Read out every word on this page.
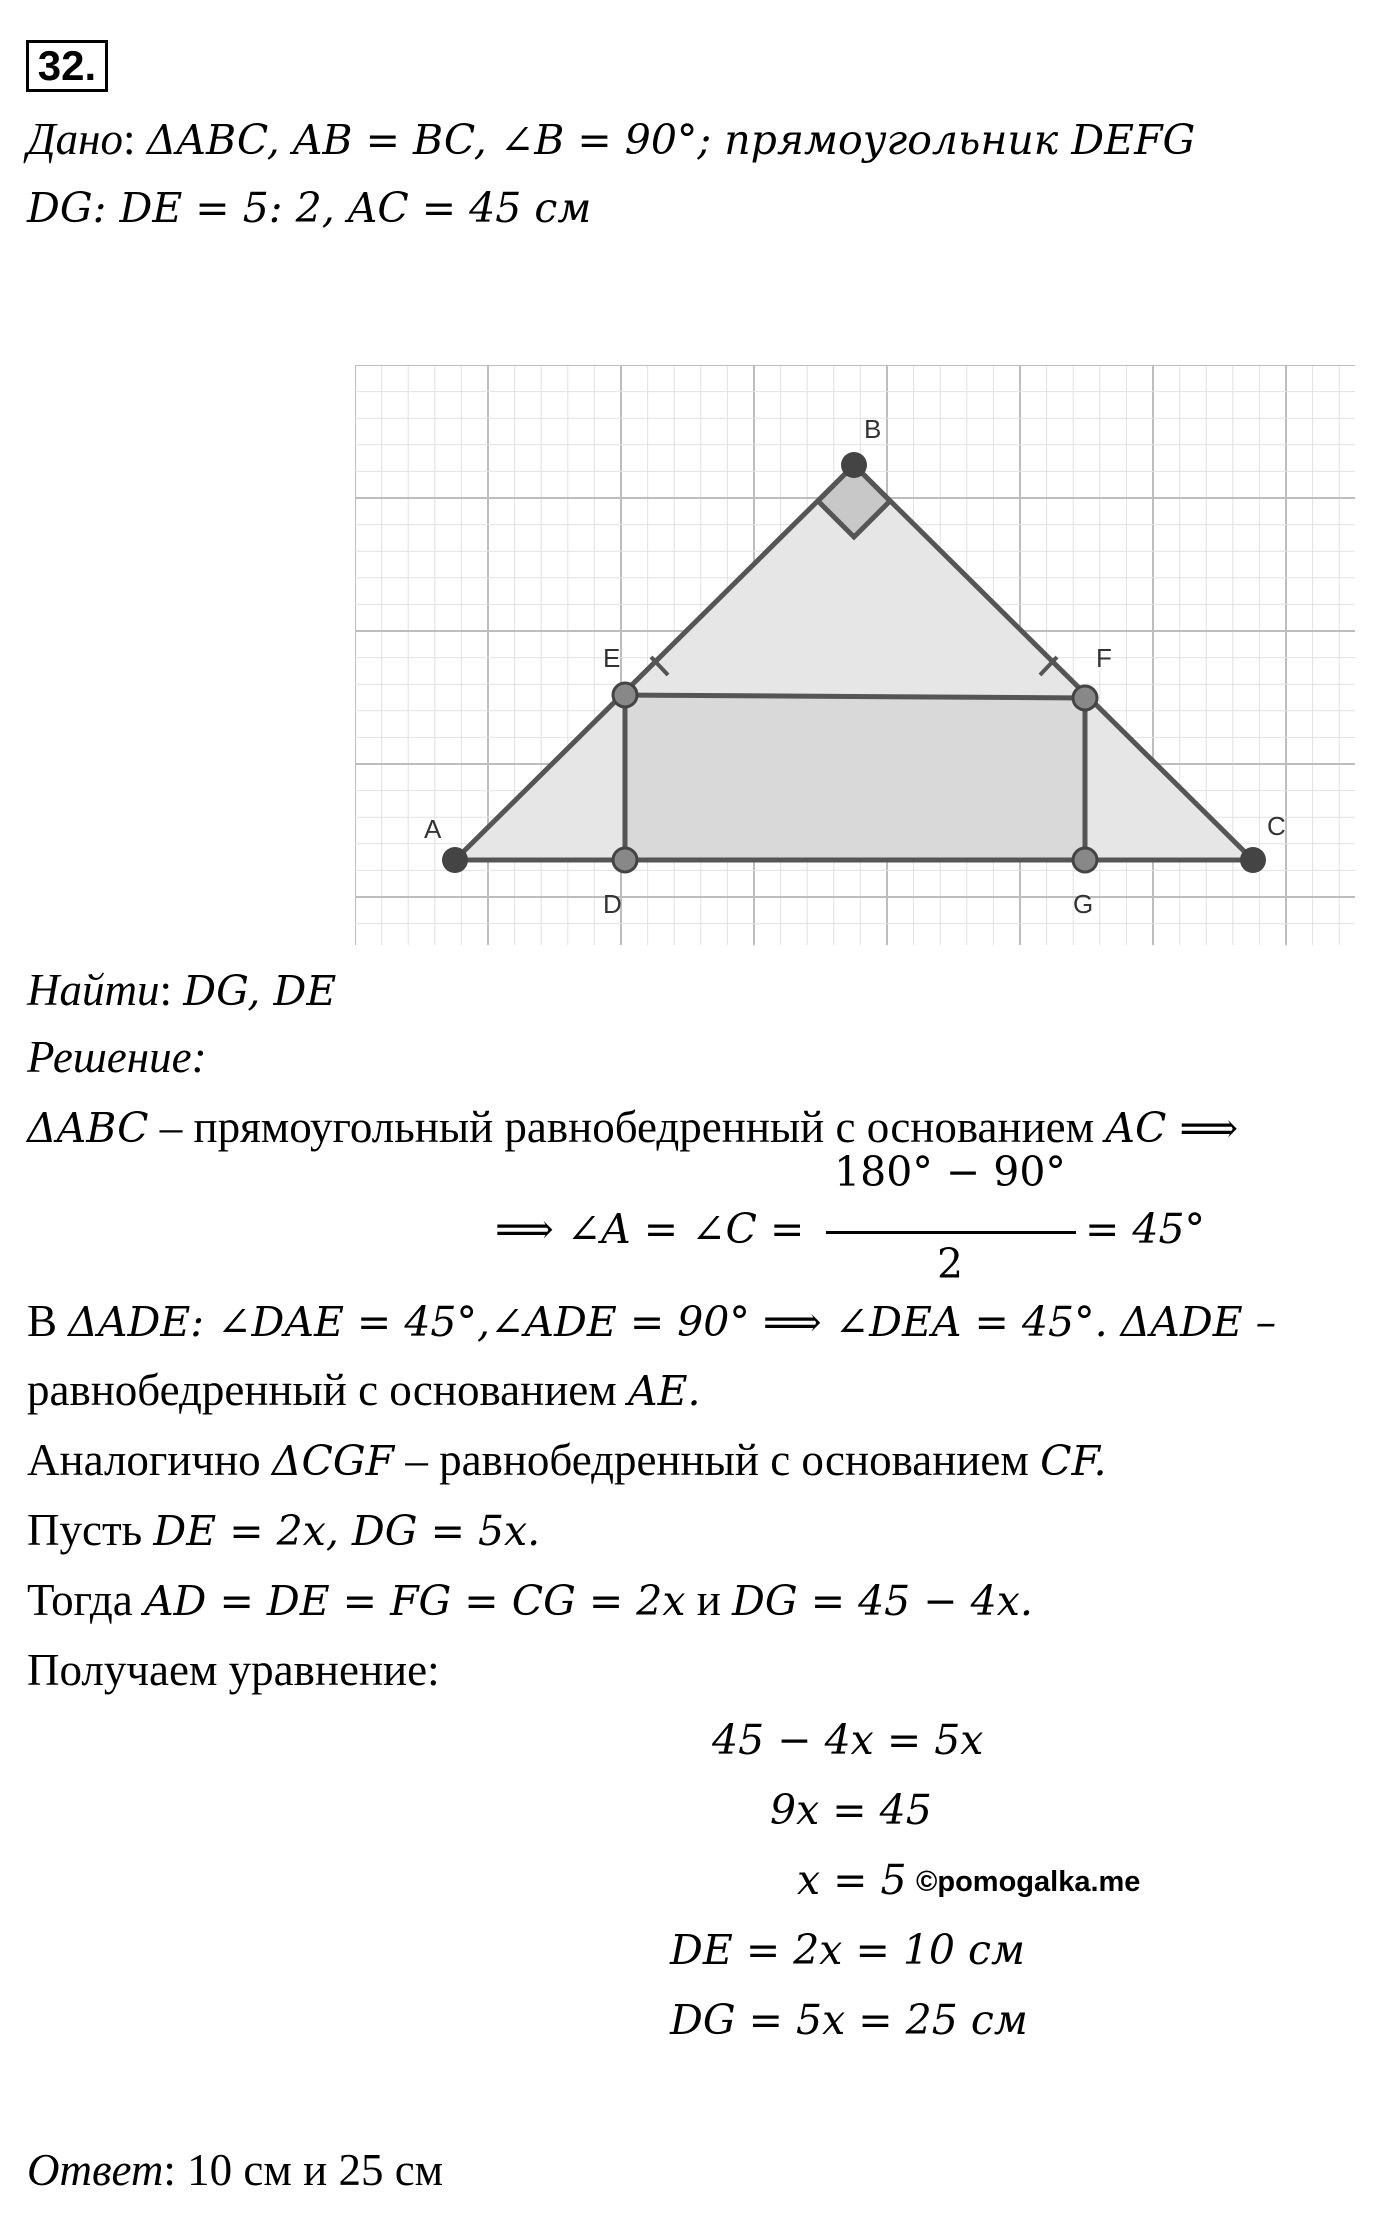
32.
Дано: ΔABC, AB = BC, ∠B = 90°; прямоугольник DEFG
DG: DE = 5: 2, AC = 45 см
A
B
C
D
E	F
G
Найти: DG, DE
Решение:
ΔABC – прямоугольный равнобедренный с основанием AC ⟹
⟹ ∠A = ∠C =
180° − 90°
2
= 45°
В ΔADE: ∠DAE = 45°,∠ADE = 90° ⟹ ∠DEA = 45°. ΔADE –
равнобедренный с основанием AE.
Аналогично ΔCGF – равнобедренный с основанием CF.
Пусть DE = 2x, DG = 5x.
Тогда AD = DE = FG = CG = 2x и DG = 45 − 4x.
Получаем уравнение:
45 − 4x = 5x
9x = 45
x = 5 ©pomogalka.me
DE = 2x = 10 см
DG = 5x = 25 см
Ответ: 10 см и 25 см
